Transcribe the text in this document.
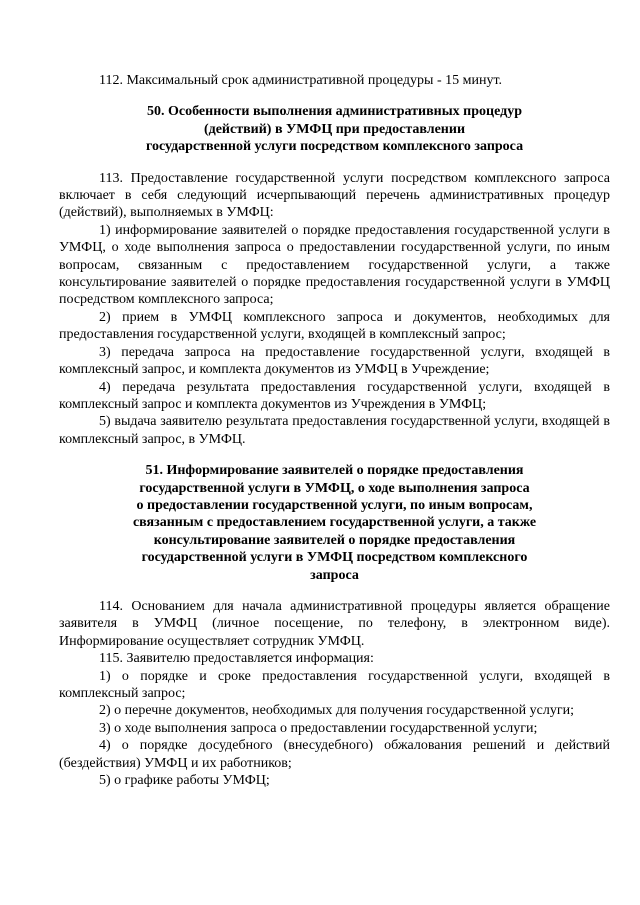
112. Максимальный срок административной процедуры - 15 минут.

50. Особенности выполнения административных процедур
(действий) в УМФЦ при предоставлении
государственной услуги посредством комплексного запроса

113. Предоставление государственной услуги посредством комплексного запроса включает в себя следующий исчерпывающий перечень административных процедур (действий), выполняемых в УМФЦ:

1) информирование заявителей о порядке предоставления государственной услуги в УМФЦ, о ходе выполнения запроса о предоставлении государственной услуги, по иным вопросам, связанным с предоставлением государственной услуги, а также консультирование заявителей о порядке предоставления государственной услуги в УМФЦ посредством комплексного запроса;

2) прием в УМФЦ комплексного запроса и документов, необходимых для предоставления государственной услуги, входящей в комплексный запрос;

3) передача запроса на предоставление государственной услуги, входящей в комплексный запрос, и комплекта документов из УМФЦ в Учреждение;

4) передача результата предоставления государственной услуги, входящей в комплексный запрос и комплекта документов из Учреждения в УМФЦ;

5) выдача заявителю результата предоставления государственной услуги, входящей в комплексный запрос, в УМФЦ.

51. Информирование заявителей о порядке предоставления
государственной услуги в УМФЦ, о ходе выполнения запроса
о предоставлении государственной услуги, по иным вопросам,
связанным с предоставлением государственной услуги, а также
консультирование заявителей о порядке предоставления
государственной услуги в УМФЦ посредством комплексного
запроса

114. Основанием для начала административной процедуры является обращение заявителя в УМФЦ (личное посещение, по телефону, в электронном виде). Информирование осуществляет сотрудник УМФЦ.

115. Заявителю предоставляется информация:

1) о порядке и сроке предоставления государственной услуги, входящей в комплексный запрос;

2) о перечне документов, необходимых для получения государственной услуги;

3) о ходе выполнения запроса о предоставлении государственной услуги;

4) о порядке досудебного (внесудебного) обжалования решений и действий (бездействия) УМФЦ и их работников;

5) о графике работы УМФЦ;
